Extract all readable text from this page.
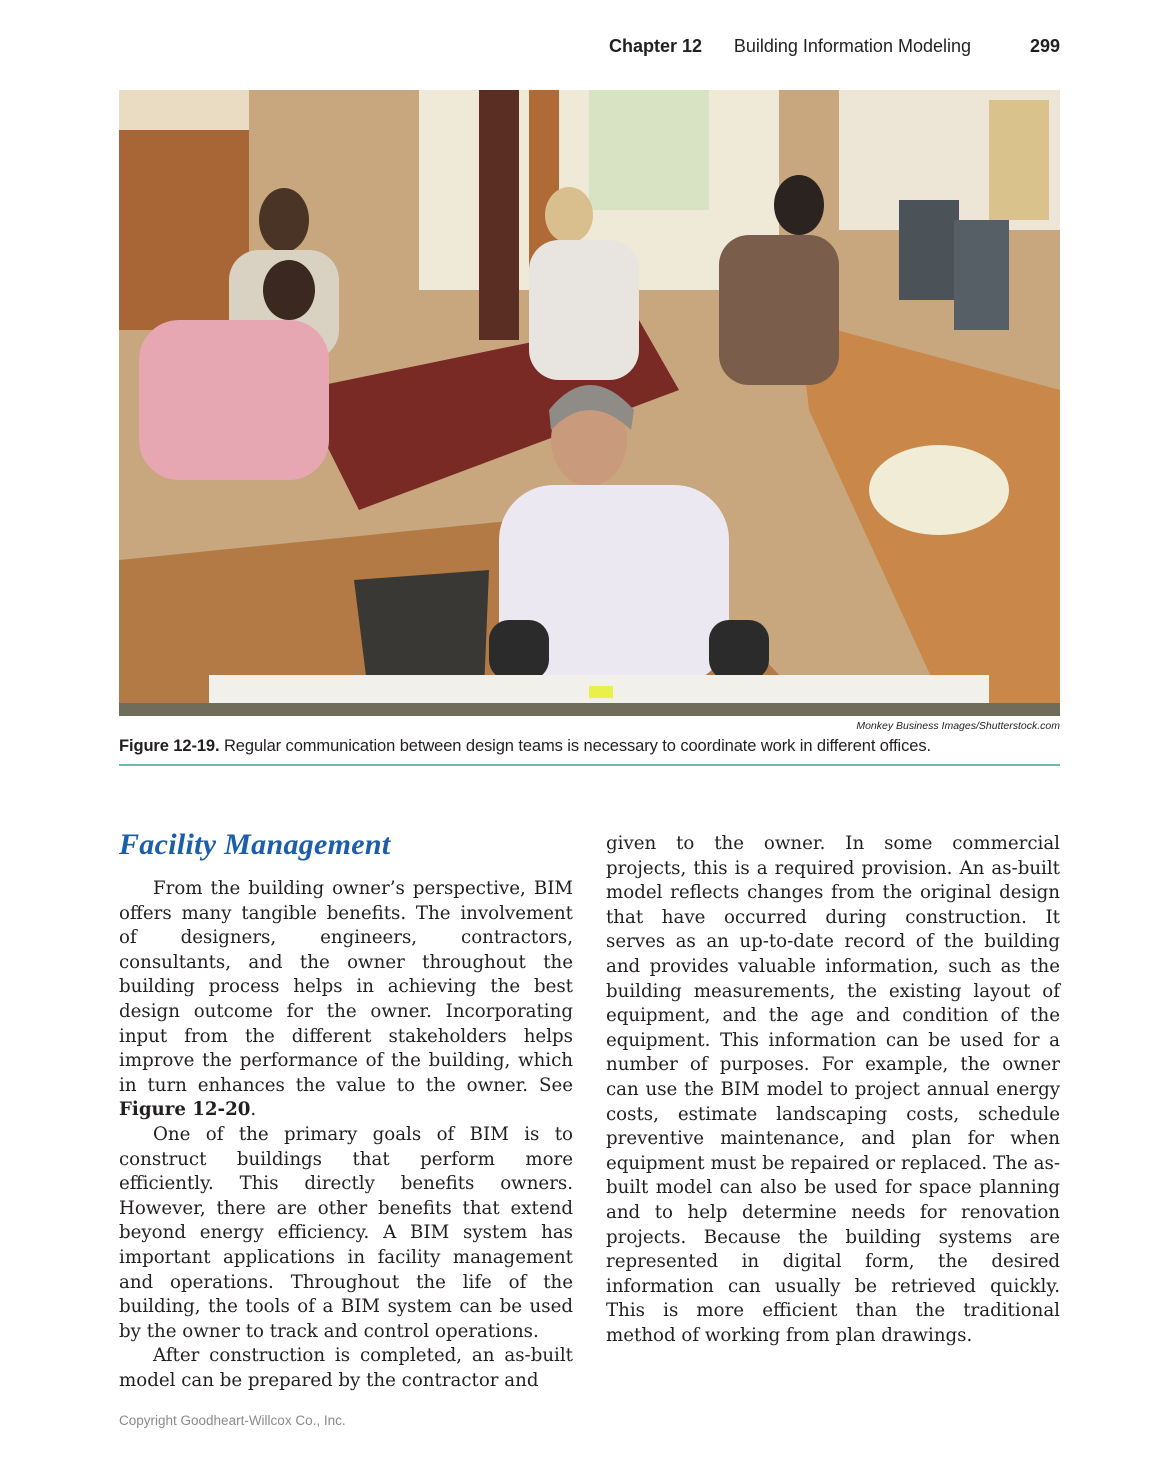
Chapter 12 Building Information Modeling	299
Monkey Business Images/Shutterstock.com
Figure 12-19. Regular communication between design teams is necessary to coordinate work in different offices.
Facility Management

From the building owner’s perspective, BIM offers many tangible benefits. The involvement of designers, engineers, contractors, consultants, and the owner throughout the building process helps in achieving the best design outcome for the owner. Incorporating input from the different stakeholders helps improve the performance of the building, which in turn enhances the value to the owner. See Figure 12-20.

One of the primary goals of BIM is to construct buildings that perform more efficiently. This directly benefits owners. However, there are other benefits that extend beyond energy efficiency. A BIM system has important applications in facility management and operations. Throughout the life of the building, the tools of a BIM system can be used by the owner to track and control operations.

After construction is completed, an as-built model can be prepared by the contractor and

given to the owner. In some commercial projects, this is a required provision. An as-built model reflects changes from the original design that have occurred during construction. It serves as an up-to-date record of the building and provides valuable information, such as the building measurements, the existing layout of equipment, and the age and condition of the equipment. This information can be used for a number of purposes. For example, the owner can use the BIM model to project annual energy costs, estimate landscaping costs, schedule preventive maintenance, and plan for when equipment must be repaired or replaced. The as-built model can also be used for space planning and to help determine needs for renovation projects. Because the building systems are represented in digital form, the desired information can usually be retrieved quickly. This is more efficient than the traditional method of working from plan drawings.

Copyright Goodheart-Willcox Co., Inc.
